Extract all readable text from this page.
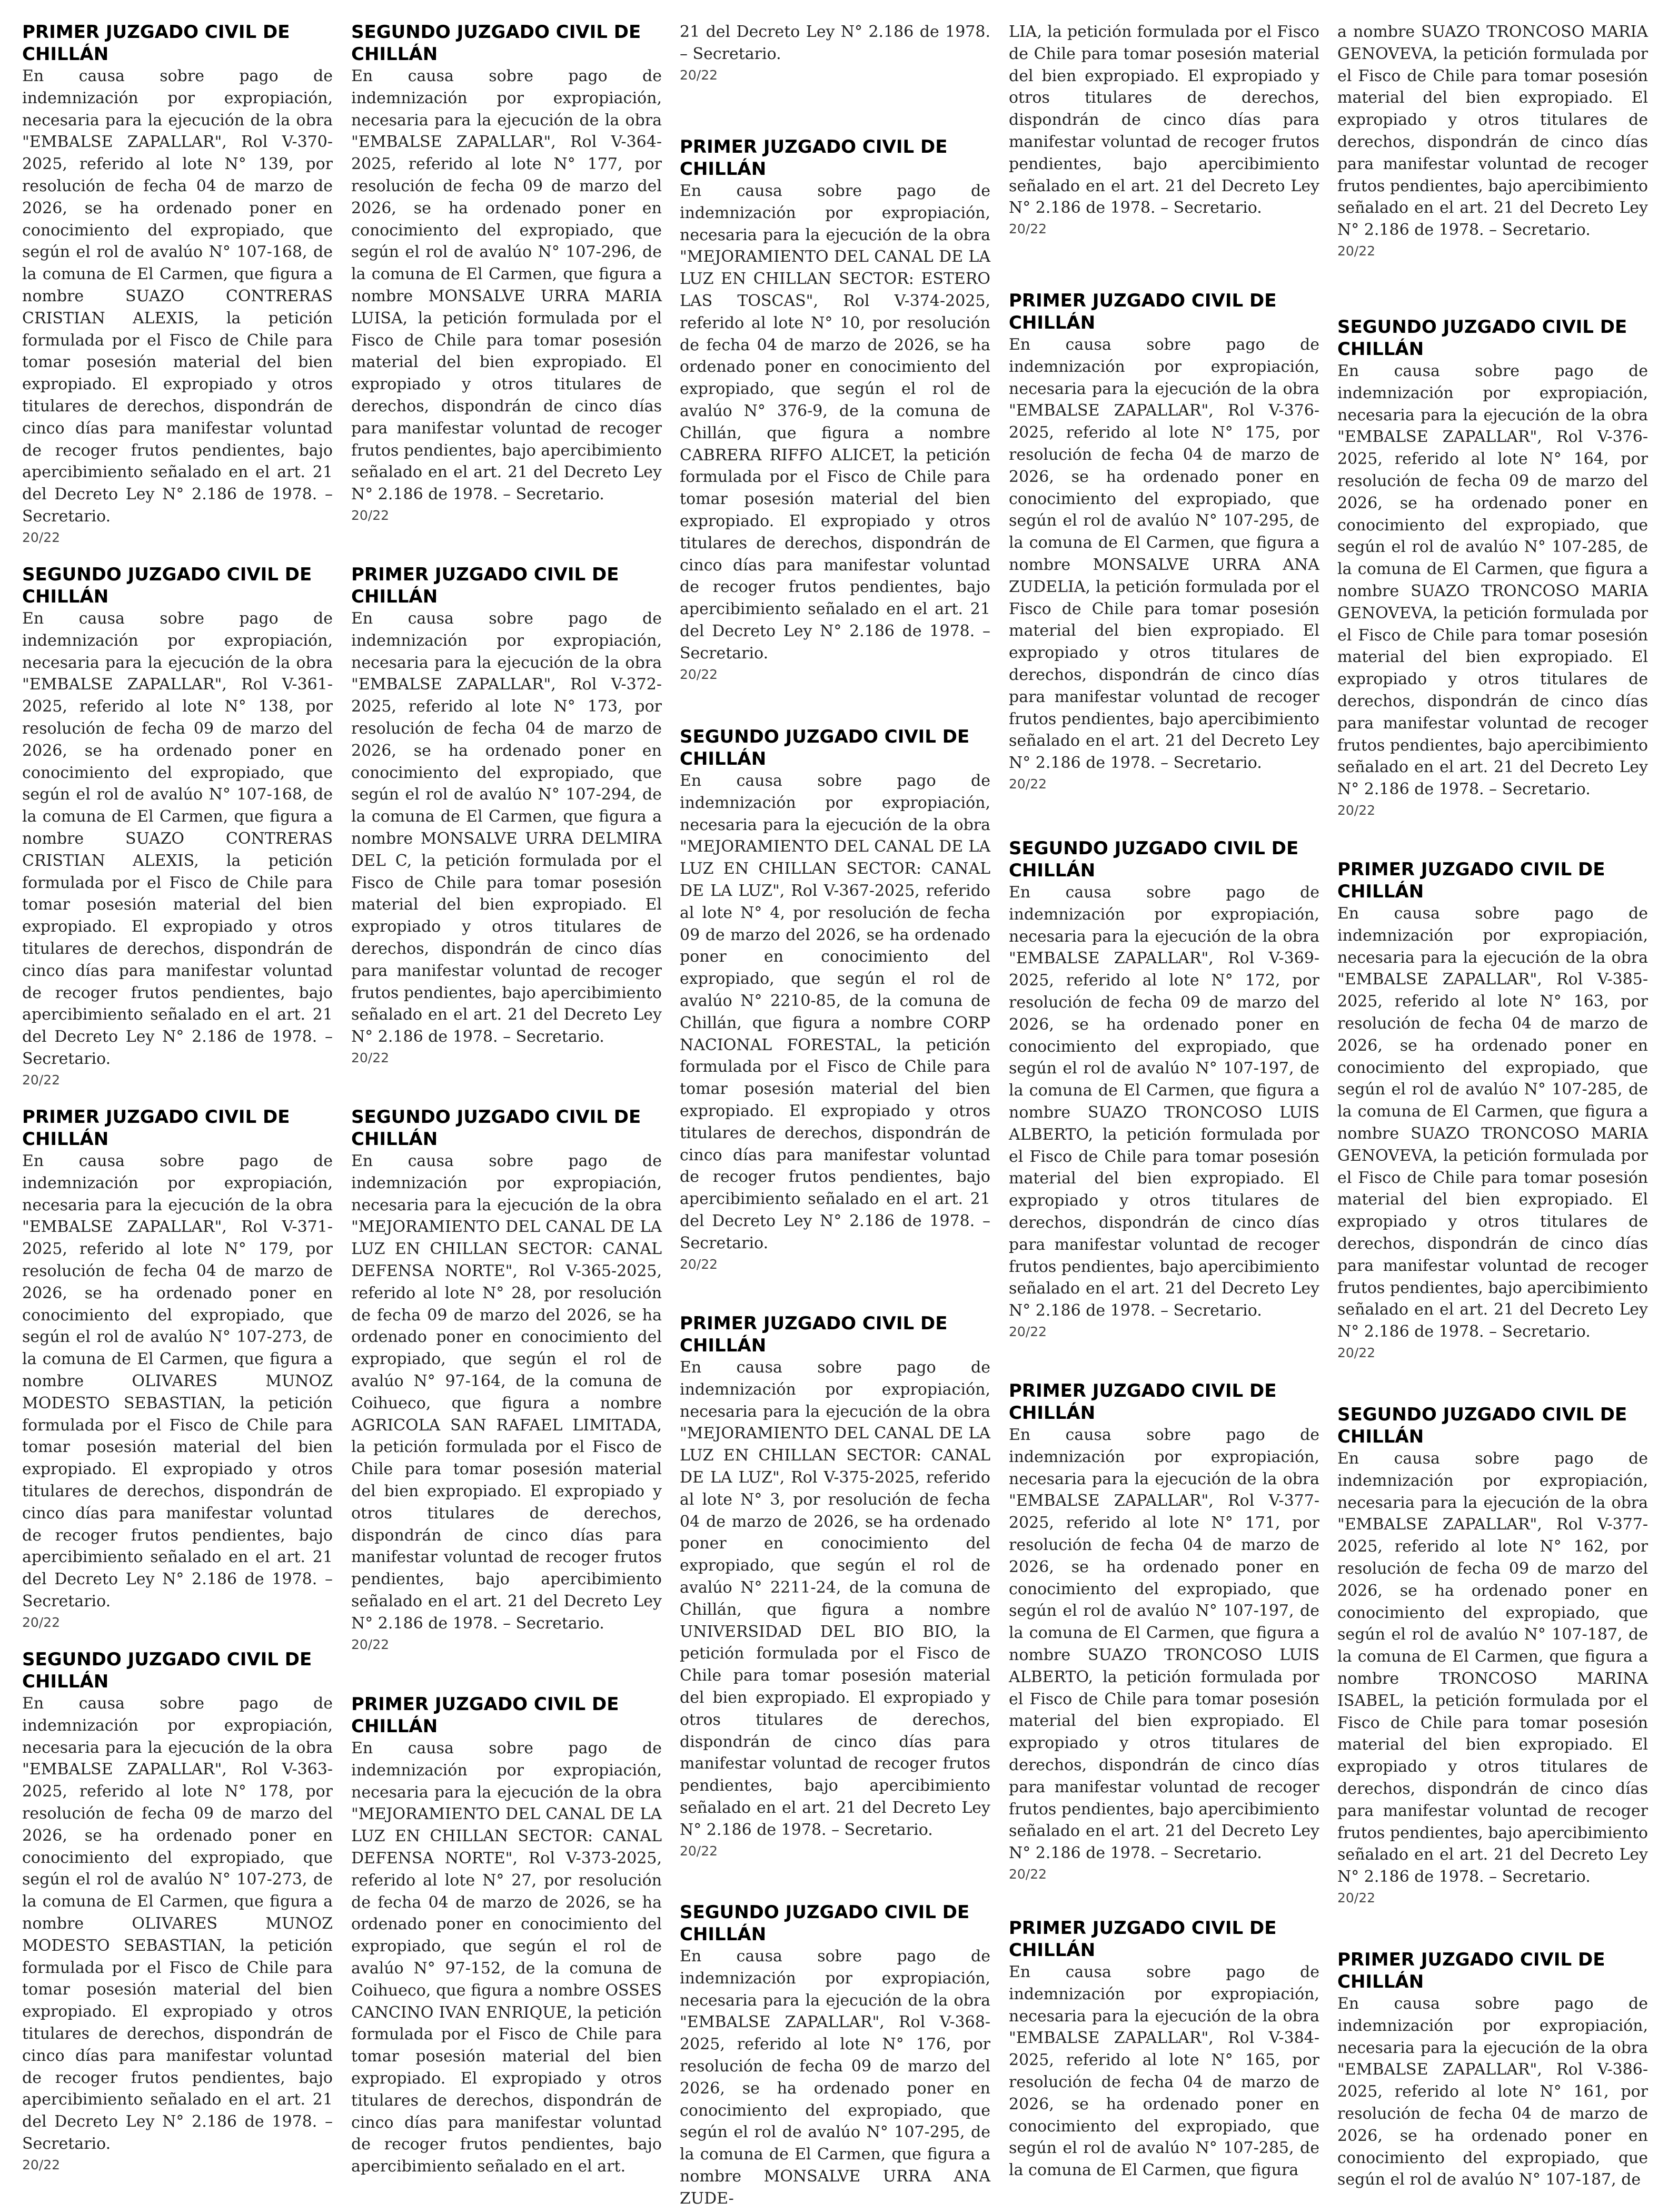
PRIMER JUZGADO CIVIL DE CHILLÁN

En causa sobre pago de indemnización por expropiación, necesaria para la ejecución de la obra "EMBALSE ZAPALLAR", Rol V-370-2025, referido al lote N° 139, por resolución de fecha 04 de marzo de 2026, se ha ordenado poner en conocimiento del expropiado, que según el rol de avalúo N° 107-168, de la comuna de El Carmen, que figura a nombre SUAZO CONTRERAS CRISTIAN ALEXIS, la petición formulada por el Fisco de Chile para tomar posesión material del bien expropiado. El expropiado y otros titulares de derechos, dispondrán de cinco días para manifestar voluntad de recoger frutos pendientes, bajo apercibimiento señalado en el art. 21 del Decreto Ley N° 2.186 de 1978. – Secretario.

20/22

SEGUNDO JUZGADO CIVIL DE CHILLÁN

En causa sobre pago de indemnización por expropiación, necesaria para la ejecución de la obra "EMBALSE ZAPALLAR", Rol V-361-2025, referido al lote N° 138, por resolución de fecha 09 de marzo del 2026, se ha ordenado poner en conocimiento del expropiado, que según el rol de avalúo N° 107-168, de la comuna de El Carmen, que figura a nombre SUAZO CONTRERAS CRISTIAN ALEXIS, la petición formulada por el Fisco de Chile para tomar posesión material del bien expropiado. El expropiado y otros titulares de derechos, dispondrán de cinco días para manifestar voluntad de recoger frutos pendientes, bajo apercibimiento señalado en el art. 21 del Decreto Ley N° 2.186 de 1978. – Secretario.

20/22

PRIMER JUZGADO CIVIL DE CHILLÁN

En causa sobre pago de indemnización por expropiación, necesaria para la ejecución de la obra "EMBALSE ZAPALLAR", Rol V-371-2025, referido al lote N° 179, por resolución de fecha 04 de marzo de 2026, se ha ordenado poner en conocimiento del expropiado, que según el rol de avalúo N° 107-273, de la comuna de El Carmen, que figura a nombre OLIVARES MUNOZ MODESTO SEBASTIAN, la petición formulada por el Fisco de Chile para tomar posesión material del bien expropiado. El expropiado y otros titulares de derechos, dispondrán de cinco días para manifestar voluntad de recoger frutos pendientes, bajo apercibimiento señalado en el art. 21 del Decreto Ley N° 2.186 de 1978. – Secretario.

20/22

SEGUNDO JUZGADO CIVIL DE CHILLÁN

En causa sobre pago de indemnización por expropiación, necesaria para la ejecución de la obra "EMBALSE ZAPALLAR", Rol V-363-2025, referido al lote N° 178, por resolución de fecha 09 de marzo del 2026, se ha ordenado poner en conocimiento del expropiado, que según el rol de avalúo N° 107-273, de la comuna de El Carmen, que figura a nombre OLIVARES MUNOZ MODESTO SEBASTIAN, la petición formulada por el Fisco de Chile para tomar posesión material del bien expropiado. El expropiado y otros titulares de derechos, dispondrán de cinco días para manifestar voluntad de recoger frutos pendientes, bajo apercibimiento señalado en el art. 21 del Decreto Ley N° 2.186 de 1978. – Secretario.

20/22

SEGUNDO JUZGADO CIVIL DE CHILLÁN

En causa sobre pago de indemnización por expropiación, necesaria para la ejecución de la obra "EMBALSE ZAPALLAR", Rol V-364-2025, referido al lote N° 177, por resolución de fecha 09 de marzo del 2026, se ha ordenado poner en conocimiento del expropiado, que según el rol de avalúo N° 107-296, de la comuna de El Carmen, que figura a nombre MONSALVE URRA MARIA LUISA, la petición formulada por el Fisco de Chile para tomar posesión material del bien expropiado. El expropiado y otros titulares de derechos, dispondrán de cinco días para manifestar voluntad de recoger frutos pendientes, bajo apercibimiento señalado en el art. 21 del Decreto Ley N° 2.186 de 1978. – Secretario.

20/22

PRIMER JUZGADO CIVIL DE CHILLÁN

En causa sobre pago de indemnización por expropiación, necesaria para la ejecución de la obra "EMBALSE ZAPALLAR", Rol V-372-2025, referido al lote N° 173, por resolución de fecha 04 de marzo de 2026, se ha ordenado poner en conocimiento del expropiado, que según el rol de avalúo N° 107-294, de la comuna de El Carmen, que figura a nombre MONSALVE URRA DELMIRA DEL C, la petición formulada por el Fisco de Chile para tomar posesión material del bien expropiado. El expropiado y otros titulares de derechos, dispondrán de cinco días para manifestar voluntad de recoger frutos pendientes, bajo apercibimiento señalado en el art. 21 del Decreto Ley N° 2.186 de 1978. – Secretario.

20/22

SEGUNDO JUZGADO CIVIL DE CHILLÁN

En causa sobre pago de indemnización por expropiación, necesaria para la ejecución de la obra "MEJORAMIENTO DEL CANAL DE LA LUZ EN CHILLAN SECTOR: CANAL DEFENSA NORTE", Rol V-365-2025, referido al lote N° 28, por resolución de fecha 09 de marzo del 2026, se ha ordenado poner en conocimiento del expropiado, que según el rol de avalúo N° 97-164, de la comuna de Coihueco, que figura a nombre AGRICOLA SAN RAFAEL LIMITADA, la petición formulada por el Fisco de Chile para tomar posesión material del bien expropiado. El expropiado y otros titulares de derechos, dispondrán de cinco días para manifestar voluntad de recoger frutos pendientes, bajo apercibimiento señalado en el art. 21 del Decreto Ley N° 2.186 de 1978. – Secretario.

20/22

PRIMER JUZGADO CIVIL DE CHILLÁN

En causa sobre pago de indemnización por expropiación, necesaria para la ejecución de la obra "MEJORAMIENTO DEL CANAL DE LA LUZ EN CHILLAN SECTOR: CANAL DEFENSA NORTE", Rol V-373-2025, referido al lote N° 27, por resolución de fecha 04 de marzo de 2026, se ha ordenado poner en conocimiento del expropiado, que según el rol de avalúo N° 97-152, de la comuna de Coihueco, que figura a nombre OSSES CANCINO IVAN ENRIQUE, la petición formulada por el Fisco de Chile para tomar posesión material del bien expropiado. El expropiado y otros titulares de derechos, dispondrán de cinco días para manifestar voluntad de recoger frutos pendientes, bajo apercibimiento señalado en el art.

21 del Decreto Ley N° 2.186 de 1978. – Secretario.

20/22

PRIMER JUZGADO CIVIL DE CHILLÁN

En causa sobre pago de indemnización por expropiación, necesaria para la ejecución de la obra "MEJORAMIENTO DEL CANAL DE LA LUZ EN CHILLAN SECTOR: ESTERO LAS TOSCAS", Rol V-374-2025, referido al lote N° 10, por resolución de fecha 04 de marzo de 2026, se ha ordenado poner en conocimiento del expropiado, que según el rol de avalúo N° 376-9, de la comuna de Chillán, que figura a nombre CABRERA RIFFO ALICET, la petición formulada por el Fisco de Chile para tomar posesión material del bien expropiado. El expropiado y otros titulares de derechos, dispondrán de cinco días para manifestar voluntad de recoger frutos pendientes, bajo apercibimiento señalado en el art. 21 del Decreto Ley N° 2.186 de 1978. – Secretario.

20/22

SEGUNDO JUZGADO CIVIL DE CHILLÁN

En causa sobre pago de indemnización por expropiación, necesaria para la ejecución de la obra "MEJORAMIENTO DEL CANAL DE LA LUZ EN CHILLAN SECTOR: CANAL DE LA LUZ", Rol V-367-2025, referido al lote N° 4, por resolución de fecha 09 de marzo del 2026, se ha ordenado poner en conocimiento del expropiado, que según el rol de avalúo N° 2210-85, de la comuna de Chillán, que figura a nombre CORP NACIONAL FORESTAL, la petición formulada por el Fisco de Chile para tomar posesión material del bien expropiado. El expropiado y otros titulares de derechos, dispondrán de cinco días para manifestar voluntad de recoger frutos pendientes, bajo apercibimiento señalado en el art. 21 del Decreto Ley N° 2.186 de 1978. – Secretario.

20/22

PRIMER JUZGADO CIVIL DE CHILLÁN

En causa sobre pago de indemnización por expropiación, necesaria para la ejecución de la obra "MEJORAMIENTO DEL CANAL DE LA LUZ EN CHILLAN SECTOR: CANAL DE LA LUZ", Rol V-375-2025, referido al lote N° 3, por resolución de fecha 04 de marzo de 2026, se ha ordenado poner en conocimiento del expropiado, que según el rol de avalúo N° 2211-24, de la comuna de Chillán, que figura a nombre UNIVERSIDAD DEL BIO BIO, la petición formulada por el Fisco de Chile para tomar posesión material del bien expropiado. El expropiado y otros titulares de derechos, dispondrán de cinco días para manifestar voluntad de recoger frutos pendientes, bajo apercibimiento señalado en el art. 21 del Decreto Ley N° 2.186 de 1978. – Secretario.

20/22

SEGUNDO JUZGADO CIVIL DE CHILLÁN

En causa sobre pago de indemnización por expropiación, necesaria para la ejecución de la obra "EMBALSE ZAPALLAR", Rol V-368-2025, referido al lote N° 176, por resolución de fecha 09 de marzo del 2026, se ha ordenado poner en conocimiento del expropiado, que según el rol de avalúo N° 107-295, de la comuna de El Carmen, que figura a nombre MONSALVE URRA ANA ZUDE-

LIA, la petición formulada por el Fisco de Chile para tomar posesión material del bien expropiado. El expropiado y otros titulares de derechos, dispondrán de cinco días para manifestar voluntad de recoger frutos pendientes, bajo apercibimiento señalado en el art. 21 del Decreto Ley N° 2.186 de 1978. – Secretario.

20/22

PRIMER JUZGADO CIVIL DE CHILLÁN

En causa sobre pago de indemnización por expropiación, necesaria para la ejecución de la obra "EMBALSE ZAPALLAR", Rol V-376-2025, referido al lote N° 175, por resolución de fecha 04 de marzo de 2026, se ha ordenado poner en conocimiento del expropiado, que según el rol de avalúo N° 107-295, de la comuna de El Carmen, que figura a nombre MONSALVE URRA ANA ZUDELIA, la petición formulada por el Fisco de Chile para tomar posesión material del bien expropiado. El expropiado y otros titulares de derechos, dispondrán de cinco días para manifestar voluntad de recoger frutos pendientes, bajo apercibimiento señalado en el art. 21 del Decreto Ley N° 2.186 de 1978. – Secretario.

20/22

SEGUNDO JUZGADO CIVIL DE CHILLÁN

En causa sobre pago de indemnización por expropiación, necesaria para la ejecución de la obra "EMBALSE ZAPALLAR", Rol V-369-2025, referido al lote N° 172, por resolución de fecha 09 de marzo del 2026, se ha ordenado poner en conocimiento del expropiado, que según el rol de avalúo N° 107-197, de la comuna de El Carmen, que figura a nombre SUAZO TRONCOSO LUIS ALBERTO, la petición formulada por el Fisco de Chile para tomar posesión material del bien expropiado. El expropiado y otros titulares de derechos, dispondrán de cinco días para manifestar voluntad de recoger frutos pendientes, bajo apercibimiento señalado en el art. 21 del Decreto Ley N° 2.186 de 1978. – Secretario.

20/22

PRIMER JUZGADO CIVIL DE CHILLÁN

En causa sobre pago de indemnización por expropiación, necesaria para la ejecución de la obra "EMBALSE ZAPALLAR", Rol V-377-2025, referido al lote N° 171, por resolución de fecha 04 de marzo de 2026, se ha ordenado poner en conocimiento del expropiado, que según el rol de avalúo N° 107-197, de la comuna de El Carmen, que figura a nombre SUAZO TRONCOSO LUIS ALBERTO, la petición formulada por el Fisco de Chile para tomar posesión material del bien expropiado. El expropiado y otros titulares de derechos, dispondrán de cinco días para manifestar voluntad de recoger frutos pendientes, bajo apercibimiento señalado en el art. 21 del Decreto Ley N° 2.186 de 1978. – Secretario.

20/22

PRIMER JUZGADO CIVIL DE CHILLÁN

En causa sobre pago de indemnización por expropiación, necesaria para la ejecución de la obra "EMBALSE ZAPALLAR", Rol V-384-2025, referido al lote N° 165, por resolución de fecha 04 de marzo de 2026, se ha ordenado poner en conocimiento del expropiado, que según el rol de avalúo N° 107-285, de la comuna de El Carmen, que figura

a nombre SUAZO TRONCOSO MARIA GENOVEVA, la petición formulada por el Fisco de Chile para tomar posesión material del bien expropiado. El expropiado y otros titulares de derechos, dispondrán de cinco días para manifestar voluntad de recoger frutos pendientes, bajo apercibimiento señalado en el art. 21 del Decreto Ley N° 2.186 de 1978. – Secretario.

20/22

SEGUNDO JUZGADO CIVIL DE CHILLÁN

En causa sobre pago de indemnización por expropiación, necesaria para la ejecución de la obra "EMBALSE ZAPALLAR", Rol V-376-2025, referido al lote N° 164, por resolución de fecha 09 de marzo del 2026, se ha ordenado poner en conocimiento del expropiado, que según el rol de avalúo N° 107-285, de la comuna de El Carmen, que figura a nombre SUAZO TRONCOSO MARIA GENOVEVA, la petición formulada por el Fisco de Chile para tomar posesión material del bien expropiado. El expropiado y otros titulares de derechos, dispondrán de cinco días para manifestar voluntad de recoger frutos pendientes, bajo apercibimiento señalado en el art. 21 del Decreto Ley N° 2.186 de 1978. – Secretario.

20/22

PRIMER JUZGADO CIVIL DE CHILLÁN

En causa sobre pago de indemnización por expropiación, necesaria para la ejecución de la obra "EMBALSE ZAPALLAR", Rol V-385-2025, referido al lote N° 163, por resolución de fecha 04 de marzo de 2026, se ha ordenado poner en conocimiento del expropiado, que según el rol de avalúo N° 107-285, de la comuna de El Carmen, que figura a nombre SUAZO TRONCOSO MARIA GENOVEVA, la petición formulada por el Fisco de Chile para tomar posesión material del bien expropiado. El expropiado y otros titulares de derechos, dispondrán de cinco días para manifestar voluntad de recoger frutos pendientes, bajo apercibimiento señalado en el art. 21 del Decreto Ley N° 2.186 de 1978. – Secretario.

20/22

SEGUNDO JUZGADO CIVIL DE CHILLÁN

En causa sobre pago de indemnización por expropiación, necesaria para la ejecución de la obra "EMBALSE ZAPALLAR", Rol V-377-2025, referido al lote N° 162, por resolución de fecha 09 de marzo del 2026, se ha ordenado poner en conocimiento del expropiado, que según el rol de avalúo N° 107-187, de la comuna de El Carmen, que figura a nombre TRONCOSO MARINA ISABEL, la petición formulada por el Fisco de Chile para tomar posesión material del bien expropiado. El expropiado y otros titulares de derechos, dispondrán de cinco días para manifestar voluntad de recoger frutos pendientes, bajo apercibimiento señalado en el art. 21 del Decreto Ley N° 2.186 de 1978. – Secretario.

20/22

PRIMER JUZGADO CIVIL DE CHILLÁN

En causa sobre pago de indemnización por expropiación, necesaria para la ejecución de la obra "EMBALSE ZAPALLAR", Rol V-386-2025, referido al lote N° 161, por resolución de fecha 04 de marzo de 2026, se ha ordenado poner en conocimiento del expropiado, que según el rol de avalúo N° 107-187, de
